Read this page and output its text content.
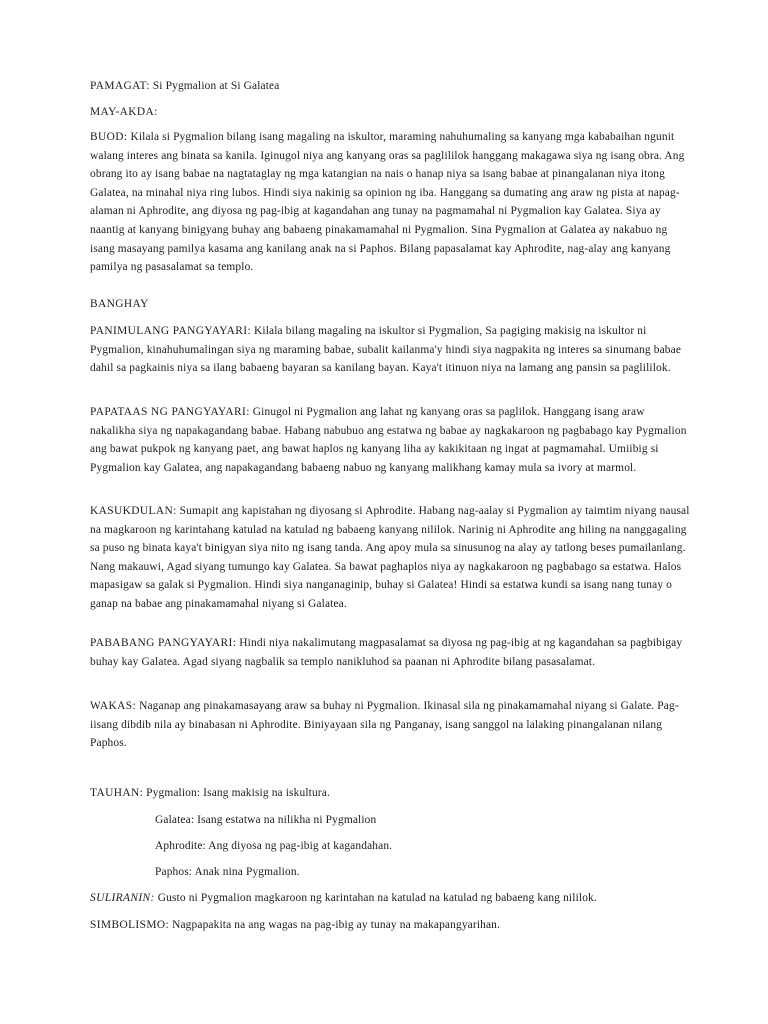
PAMAGAT: Si Pygmalion at Si Galatea

MAY-AKDA:

BUOD: Kilala si Pygmalion bilang isang magaling na iskultor, maraming nahuhumaling sa kanyang mga kababaihan ngunit walang interes ang binata sa kanila. Iginugol niya ang kanyang oras sa paglililok hanggang makagawa siya ng isang obra. Ang obrang ito ay isang babae na nagtataglay ng mga katangian na nais o hanap niya sa isang babae at pinangalanan niya itong Galatea, na minahal niya ring lubos. Hindi siya nakinig sa opinion ng iba. Hanggang sa dumating ang araw ng pista at napag-alaman ni Aphrodite, ang diyosa ng pag-ibig at kagandahan ang tunay na pagmamahal ni Pygmalion kay Galatea. Siya ay naantig at kanyang binigyang buhay ang babaeng pinakamamahal ni Pygmalion. Sina Pygmalion at Galatea ay nakabuo ng isang masayang pamilya kasama ang kanilang anak na si Paphos. Bilang papasalamat kay Aphrodite, nag-alay ang kanyang pamilya ng pasasalamat sa templo.

BANGHAY

PANIMULANG PANGYAYARI: Kilala bilang magaling na iskultor si Pygmalion, Sa pagiging makisig na iskultor ni Pygmalion, kinahuhumalingan siya ng maraming babae, subalit kailanma'y hindi siya nagpakita ng interes sa sinumang babae dahil sa pagkainis niya sa ilang babaeng bayaran sa kanilang bayan. Kaya't itinuon niya na lamang ang pansin sa paglililok.

PAPATAAS NG PANGYAYARI: Ginugol ni Pygmalion ang lahat ng kanyang oras sa paglilok. Hanggang isang araw nakalikha siya ng napakagandang babae. Habang nabubuo ang estatwa ng babae ay nagkakaroon ng pagbabago kay Pygmalion ang bawat pukpok ng kanyang paet, ang bawat haplos ng kanyang liha ay kakikitaan ng ingat at pagmamahal. Umiibig si Pygmalion kay Galatea, ang napakagandang babaeng nabuo ng kanyang malikhang kamay mula sa ivory at marmol.

KASUKDULAN: Sumapit ang kapistahan ng diyosang si Aphrodite. Habang nag-aalay si Pygmalion ay taimtim niyang nausal na magkaroon ng karintahang katulad na katulad ng babaeng kanyang nililok. Narinig ni Aphrodite ang hiling na nanggagaling sa puso ng binata kaya't binigyan siya nito ng isang tanda. Ang apoy mula sa sinusunog na alay ay tatlong beses pumailanlang. Nang makauwi, Agad siyang tumungo kay Galatea. Sa bawat paghaplos niya ay nagkakaroon ng pagbabago sa estatwa. Halos mapasigaw sa galak si Pygmalion. Hindi siya nanganaginip, buhay si Galatea! Hindi sa estatwa kundi sa isang nang tunay o ganap na babae ang pinakamamahal niyang si Galatea.

PABABANG PANGYAYARI: Hindi niya nakalimutang magpasalamat sa diyosa ng pag-ibig at ng kagandahan sa pagbibigay buhay kay Galatea. Agad siyang nagbalik sa templo nanikluhod sa paanan ni Aphrodite bilang pasasalamat.

WAKAS: Naganap ang pinakamasayang araw sa buhay ni Pygmalion. Ikinasal sila ng pinakamamahal niyang si Galate. Pag-iisang dibdib nila ay binabasan ni Aphrodite. Biniyayaan sila ng Panganay, isang sanggol na lalaking pinangalanan nilang Paphos.

TAUHAN: Pygmalion: Isang makisig na iskultura.

Galatea: Isang estatwa na nilikha ni Pygmalion

Aphrodite: Ang diyosa ng pag-ibig at kagandahan.

Paphos: Anak nina Pygmalion.

SULIRANIN: Gusto ni Pygmalion magkaroon ng karintahan na katulad na katulad ng babaeng kang nililok.

SIMBOLISMO: Nagpapakita na ang wagas na pag-ibig ay tunay na makapangyarihan.
